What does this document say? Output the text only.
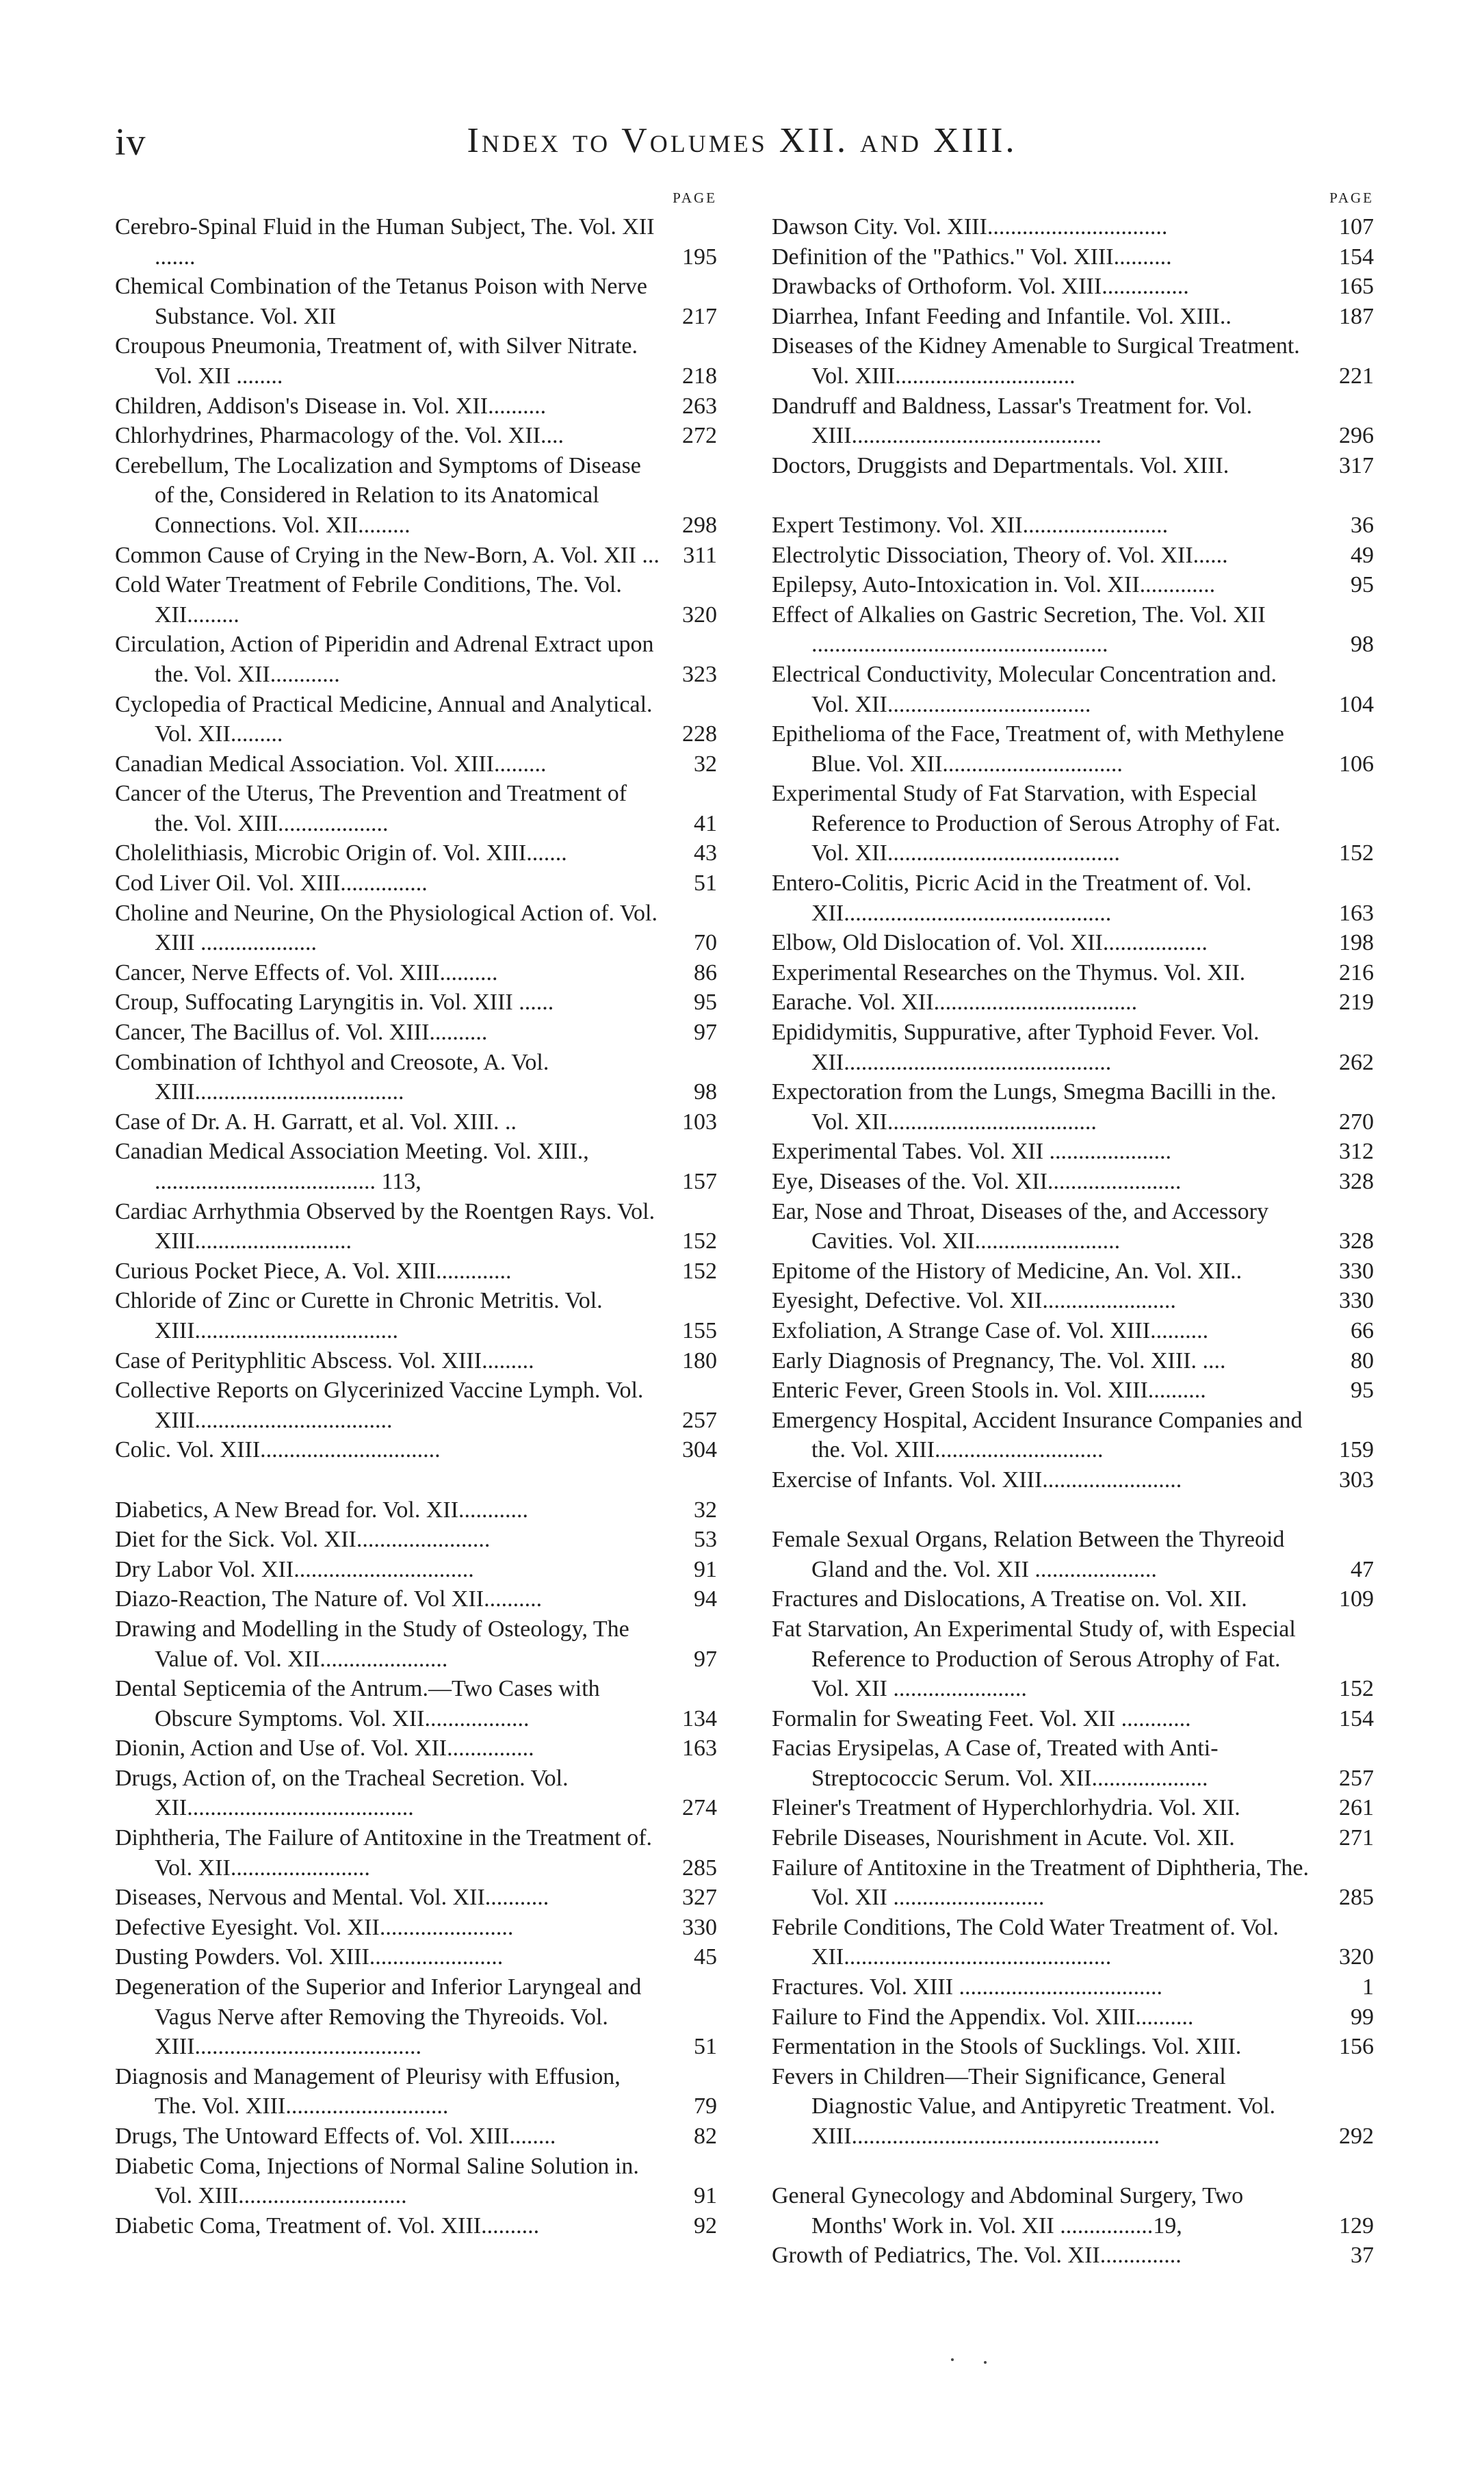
iv	Index to Volumes XII. and XIII.
PAGE
Cerebro-Spinal Fluid in the Human Subject, The. Vol. XII .......	195
Chemical Combination of the Tetanus Poison with Nerve Substance. Vol. XII	217
Croupous Pneumonia, Treatment of, with Silver Nitrate. Vol. XII ........	218
Children, Addison's Disease in. Vol. XII..........	263
Chlorhydrines, Pharmacology of the. Vol. XII....	272
Cerebellum, The Localization and Symptoms of Disease of the, Considered in Relation to its Anatomical Connections. Vol. XII.........	298
Common Cause of Crying in the New-Born, A. Vol. XII ...	311
Cold Water Treatment of Febrile Conditions, The. Vol. XII.........	320
Circulation, Action of Piperidin and Adrenal Extract upon the. Vol. XII............	323
Cyclopedia of Practical Medicine, Annual and Analytical. Vol. XII.........	228
Canadian Medical Association. Vol. XIII.........	32
Cancer of the Uterus, The Prevention and Treatment of the. Vol. XIII...................	41
Cholelithiasis, Microbic Origin of. Vol. XIII.......	43
Cod Liver Oil. Vol. XIII...............	51
Choline and Neurine, On the Physiological Action of. Vol. XIII ....................	70
Cancer, Nerve Effects of. Vol. XIII..........	86
Croup, Suffocating Laryngitis in. Vol. XIII ......	95
Cancer, The Bacillus of. Vol. XIII..........	97
Combination of Ichthyol and Creosote, A. Vol. XIII....................................	98
Case of Dr. A. H. Garratt, et al. Vol. XIII. ..	103
Canadian Medical Association Meeting. Vol. XIII., ...................................... 113,	157
Cardiac Arrhythmia Observed by the Roentgen Rays. Vol. XIII...........................	152
Curious Pocket Piece, A. Vol. XIII.............	152
Chloride of Zinc or Curette in Chronic Metritis. Vol. XIII...................................	155
Case of Perityphlitic Abscess. Vol. XIII.........	180
Collective Reports on Glycerinized Vaccine Lymph. Vol. XIII..................................	257
Colic. Vol. XIII...............................	304
Diabetics, A New Bread for. Vol. XII............	32
Diet for the Sick. Vol. XII.......................	53
Dry Labor Vol. XII...............................	91
Diazo-Reaction, The Nature of. Vol XII..........	94
Drawing and Modelling in the Study of Osteology, The Value of. Vol. XII......................	97
Dental Septicemia of the Antrum.—Two Cases with Obscure Symptoms. Vol. XII..................	134
Dionin, Action and Use of. Vol. XII...............	163
Drugs, Action of, on the Tracheal Secretion. Vol. XII.......................................	274
Diphtheria, The Failure of Antitoxine in the Treatment of. Vol. XII........................	285
Diseases, Nervous and Mental. Vol. XII...........	327
Defective Eyesight. Vol. XII.......................	330
Dusting Powders. Vol. XIII.......................	45
Degeneration of the Superior and Inferior Laryngeal and Vagus Nerve after Removing the Thyreoids. Vol. XIII.......................................	51
Diagnosis and Management of Pleurisy with Effusion, The. Vol. XIII............................	79
Drugs, The Untoward Effects of. Vol. XIII........	82
Diabetic Coma, Injections of Normal Saline Solution in. Vol. XIII.............................	91
Diabetic Coma, Treatment of. Vol. XIII..........	92
PAGE
Dawson City. Vol. XIII...............................	107
Definition of the "Pathics." Vol. XIII..........	154
Drawbacks of Orthoform. Vol. XIII...............	165
Diarrhea, Infant Feeding and Infantile. Vol. XIII..	187
Diseases of the Kidney Amenable to Surgical Treatment. Vol. XIII...............................	221
Dandruff and Baldness, Lassar's Treatment for. Vol. XIII...........................................	296
Doctors, Druggists and Departmentals. Vol. XIII.	317
Expert Testimony. Vol. XII.........................	36
Electrolytic Dissociation, Theory of. Vol. XII......	49
Epilepsy, Auto-Intoxication in. Vol. XII.............	95
Effect of Alkalies on Gastric Secretion, The. Vol. XII ...................................................	98
Electrical Conductivity, Molecular Concentration and. Vol. XII...................................	104
Epithelioma of the Face, Treatment of, with Methylene Blue. Vol. XII...............................	106
Experimental Study of Fat Starvation, with Especial Reference to Production of Serous Atrophy of Fat. Vol. XII........................................	152
Entero-Colitis, Picric Acid in the Treatment of. Vol. XII..............................................	163
Elbow, Old Dislocation of. Vol. XII..................	198
Experimental Researches on the Thymus. Vol. XII.	216
Earache. Vol. XII...................................	219
Epididymitis, Suppurative, after Typhoid Fever. Vol. XII..............................................	262
Expectoration from the Lungs, Smegma Bacilli in the. Vol. XII....................................	270
Experimental Tabes. Vol. XII .....................	312
Eye, Diseases of the. Vol. XII.......................	328
Ear, Nose and Throat, Diseases of the, and Accessory Cavities. Vol. XII.........................	328
Epitome of the History of Medicine, An. Vol. XII..	330
Eyesight, Defective. Vol. XII.......................	330
Exfoliation, A Strange Case of. Vol. XIII..........	66
Early Diagnosis of Pregnancy, The. Vol. XIII. ....	80
Enteric Fever, Green Stools in. Vol. XIII..........	95
Emergency Hospital, Accident Insurance Companies and the. Vol. XIII.............................	159
Exercise of Infants. Vol. XIII........................	303
Female Sexual Organs, Relation Between the Thyreoid Gland and the. Vol. XII .....................	47
Fractures and Dislocations, A Treatise on. Vol. XII.	109
Fat Starvation, An Experimental Study of, with Especial Reference to Production of Serous Atrophy of Fat. Vol. XII .......................	152
Formalin for Sweating Feet. Vol. XII ............	154
Facias Erysipelas, A Case of, Treated with Anti-Streptococcic Serum. Vol. XII....................	257
Fleiner's Treatment of Hyperchlorhydria. Vol. XII.	261
Febrile Diseases, Nourishment in Acute. Vol. XII.	271
Failure of Antitoxine in the Treatment of Diphtheria, The. Vol. XII ..........................	285
Febrile Conditions, The Cold Water Treatment of. Vol. XII..............................................	320
Fractures. Vol. XIII ...................................	1
Failure to Find the Appendix. Vol. XIII..........	99
Fermentation in the Stools of Sucklings. Vol. XIII.	156
Fevers in Children—Their Significance, General Diagnostic Value, and Antipyretic Treatment. Vol. XIII.....................................................	292
General Gynecology and Abdominal Surgery, Two Months' Work in. Vol. XII ................19,	129
Growth of Pediatrics, The. Vol. XII..............	37
